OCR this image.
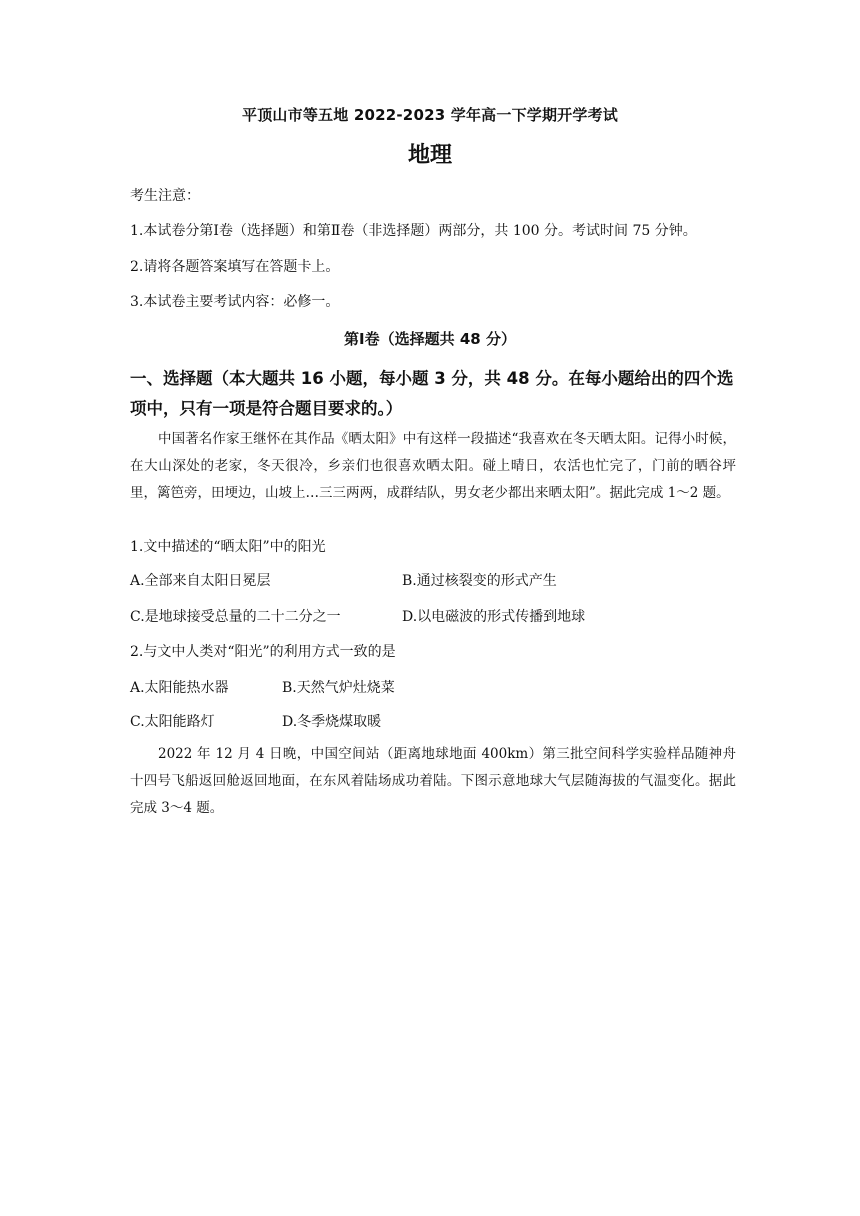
平顶山市等五地 2022-2023 学年高一下学期开学考试
地理
考生注意：
1.本试卷分第Ⅰ卷（选择题）和第Ⅱ卷（非选择题）两部分，共 100 分。考试时间 75 分钟。
2.请将各题答案填写在答题卡上。
3.本试卷主要考试内容：必修一。
第Ⅰ卷（选择题共 48 分）
一、选择题（本大题共 16 小题，每小题 3 分，共 48 分。在每小题给出的四个选项中，只有一项是符合题目要求的。）
中国著名作家王继怀在其作品《晒太阳》中有这样一段描述“我喜欢在冬天晒太阳。记得小时候，在大山深处的老家，冬天很冷，乡亲们也很喜欢晒太阳。碰上晴日，农活也忙完了，门前的晒谷坪里，篱笆旁，田埂边，山坡上…三三两两，成群结队，男女老少都出来晒太阳”。据此完成 1～2 题。
1.文中描述的“晒太阳”中的阳光
A.全部来自太阳日冕层	B.通过核裂变的形式产生
C.是地球接受总量的二十二分之一	D.以电磁波的形式传播到地球
2.与文中人类对“阳光”的利用方式一致的是
A.太阳能热水器	B.天然气炉灶烧菜
C.太阳能路灯	D.冬季烧煤取暖
2022 年 12 月 4 日晚，中国空间站（距离地球地面 400km）第三批空间科学实验样品随神舟十四号飞船返回舱返回地面，在东风着陆场成功着陆。下图示意地球大气层随海拔的气温变化。据此完成 3～4 题。
